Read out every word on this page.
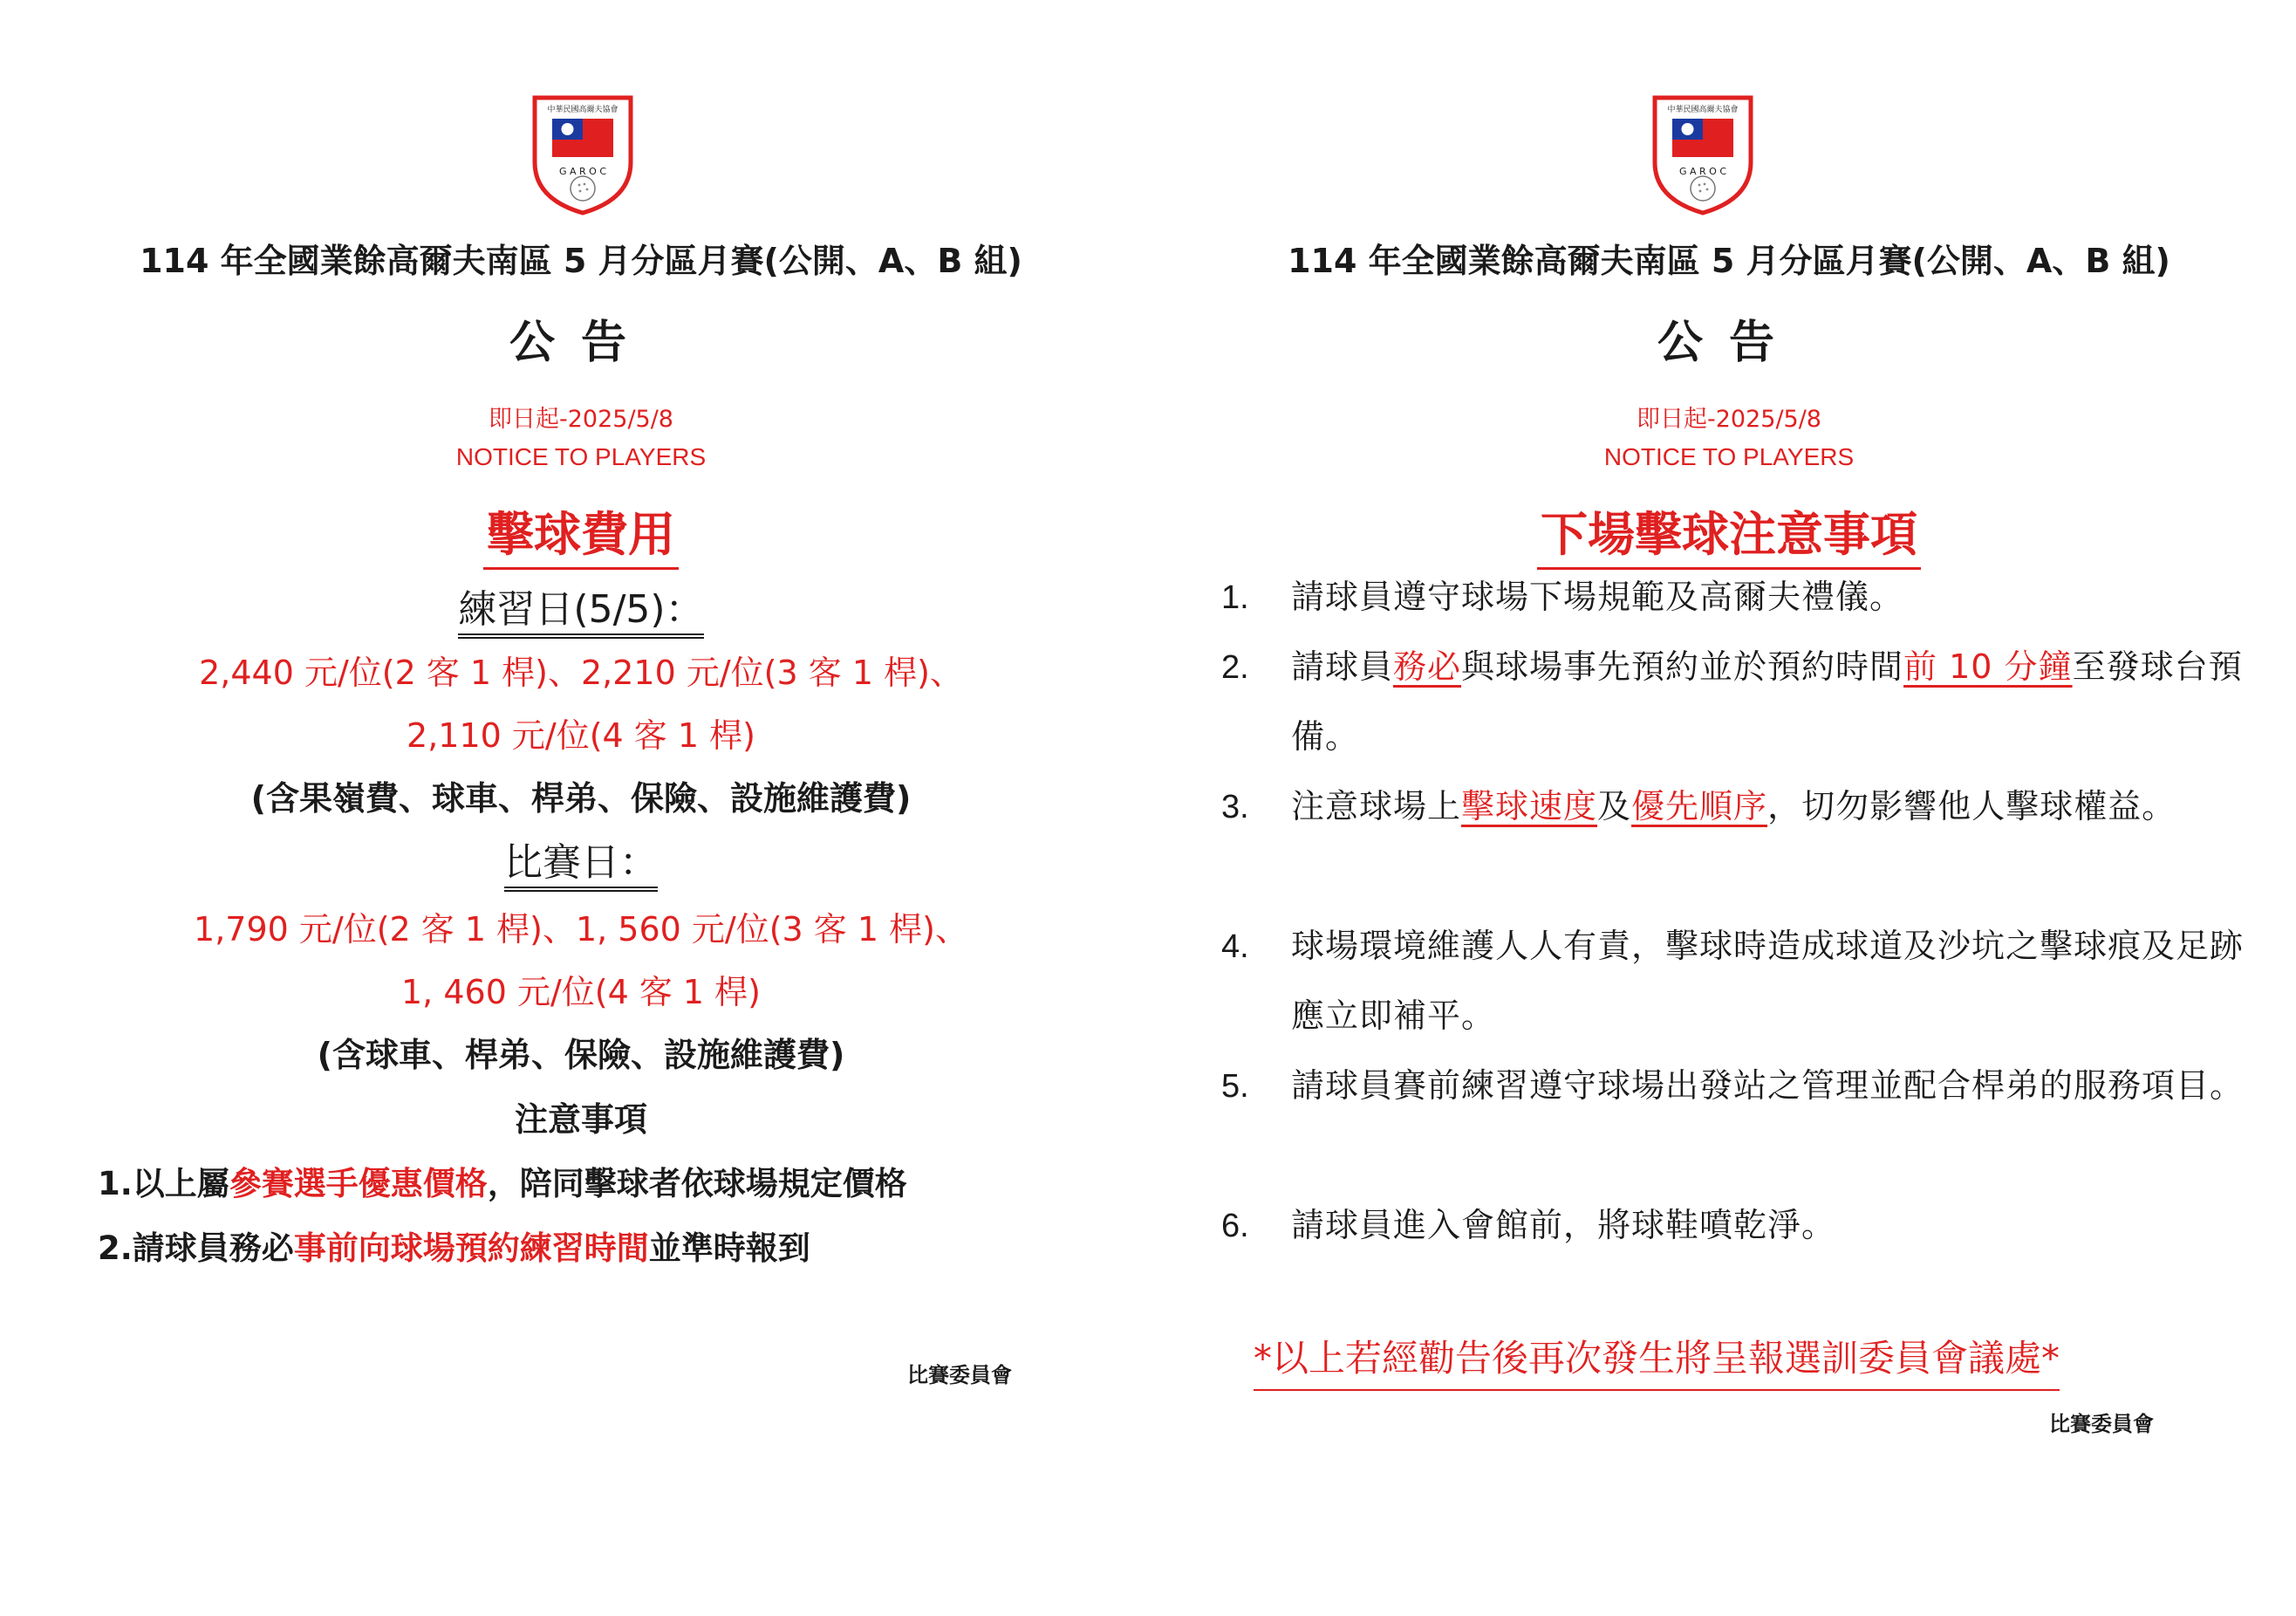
中華民國高爾夫協會
G A R O C
114 年全國業餘高爾夫南區 5 月分區月賽(公開、A、B 組)
公告
即日起-2025/5/8
NOTICE TO PLAYERS
擊球費用
練習日(5/5)：
2,440 元/位(2 客 1 桿)、2,210 元/位(3 客 1 桿)、
2,110 元/位(4 客 1 桿)
(含果嶺費、球車、桿弟、保險、設施維護費)
比賽日：
1,790 元/位(2 客 1 桿)、1, 560 元/位(3 客 1 桿)、
1, 460 元/位(4 客 1 桿)
(含球車、桿弟、保險、設施維護費)
注意事項
1.以上屬參賽選手優惠價格，陪同擊球者依球場規定價格
2.請球員務必事前向球場預約練習時間並準時報到
比賽委員會
中華民國高爾夫協會
G A R O C
114 年全國業餘高爾夫南區 5 月分區月賽(公開、A、B 組)
公告
即日起-2025/5/8
NOTICE TO PLAYERS
下場擊球注意事項
1. 請球員遵守球場下場規範及高爾夫禮儀。
2. 請球員務必與球場事先預約並於預約時間前 10 分鐘至發球台預備。
3. 注意球場上擊球速度及優先順序，切勿影響他人擊球權益。
4. 球場環境維護人人有責，擊球時造成球道及沙坑之擊球痕及足跡應立即補平。
5. 請球員賽前練習遵守球場出發站之管理並配合桿弟的服務項目。
6. 請球員進入會館前，將球鞋噴乾淨。
*以上若經勸告後再次發生將呈報選訓委員會議處*
比賽委員會
